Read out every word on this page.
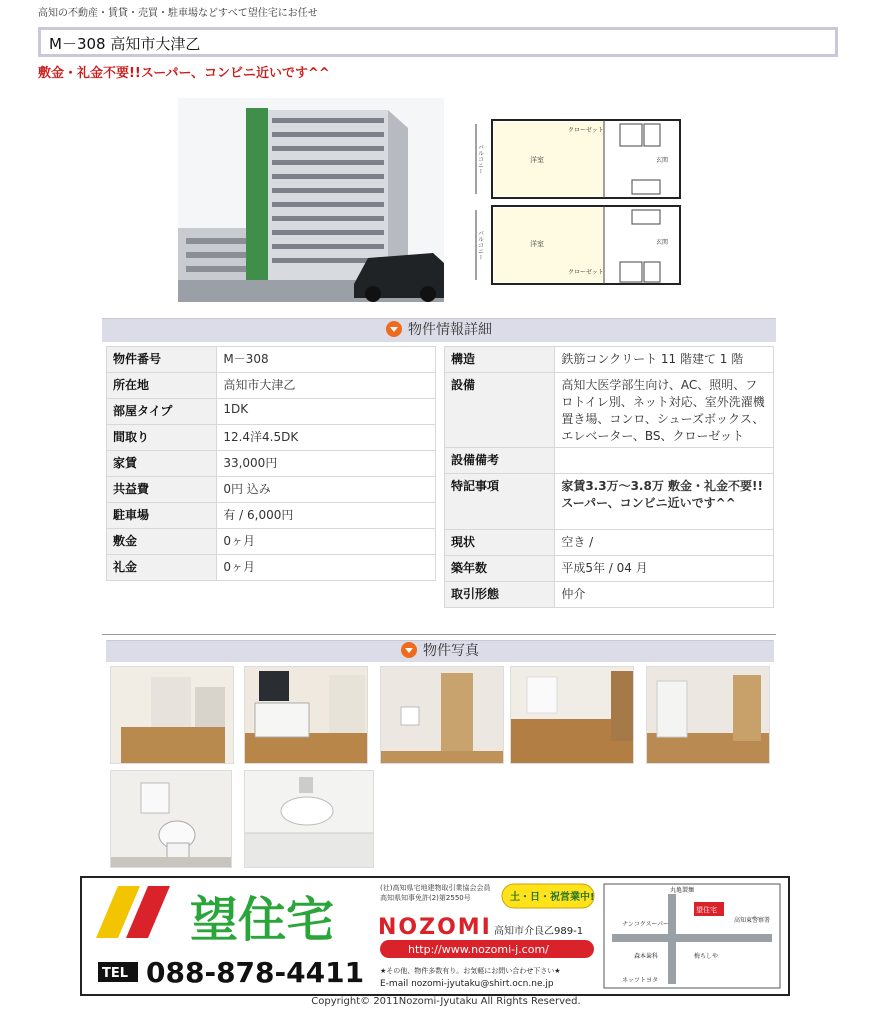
高知の不動産・賃貸・売買・駐車場などすべて望住宅にお任せ
M－308 高知市大津乙
敷金・礼金不要!!スーパー、コンビニ近いです^^
洋室
洋室
クローゼット
クローゼット
玄関
玄関
バルコニー
バルコニー
物件情報詳細
物件番号	M－308
所在地	高知市大津乙
部屋タイプ	1DK
間取り	12.4洋4.5DK
家賃	33,000円
共益費	0円 込み
駐車場	有 / 6,000円
敷金	0ヶ月
礼金	0ヶ月
構造	鉄筋コンクリート 11 階建て 1 階
設備	高知大医学部生向け、AC、照明、フロトイレ別、ネット対応、室外洗濯機置き場、コンロ、シューズボックス、エレベーター、BS、クローゼット
設備備考	
特記事項	家賃3.3万～3.8万 敷金・礼金不要!!スーパー、コンビニ近いです^^
現状	空き /
築年数	平成5年 / 04 月
取引形態	仲介
物件写真
望住宅
(社)高知県宅地建物取引業協会会員
高知県知事免許(2)第2550号	土・日・祝営業中!
NOZOMI 高知市介良乙989-1
http://www.nozomi-j.com/
TEL 088-878-4411 ★その他、物件多数有り。お気軽にお問い合わせ下さい★
E-mail nozomi-jyutaku@shirt.ocn.ne.jp
望住宅
ナンコクスーパー
丸亀製麺
高知東警察署
森本歯科	梅ちしや
ネッツトヨタ
Copyright© 2011Nozomi-Jyutaku All Rights Reserved.
